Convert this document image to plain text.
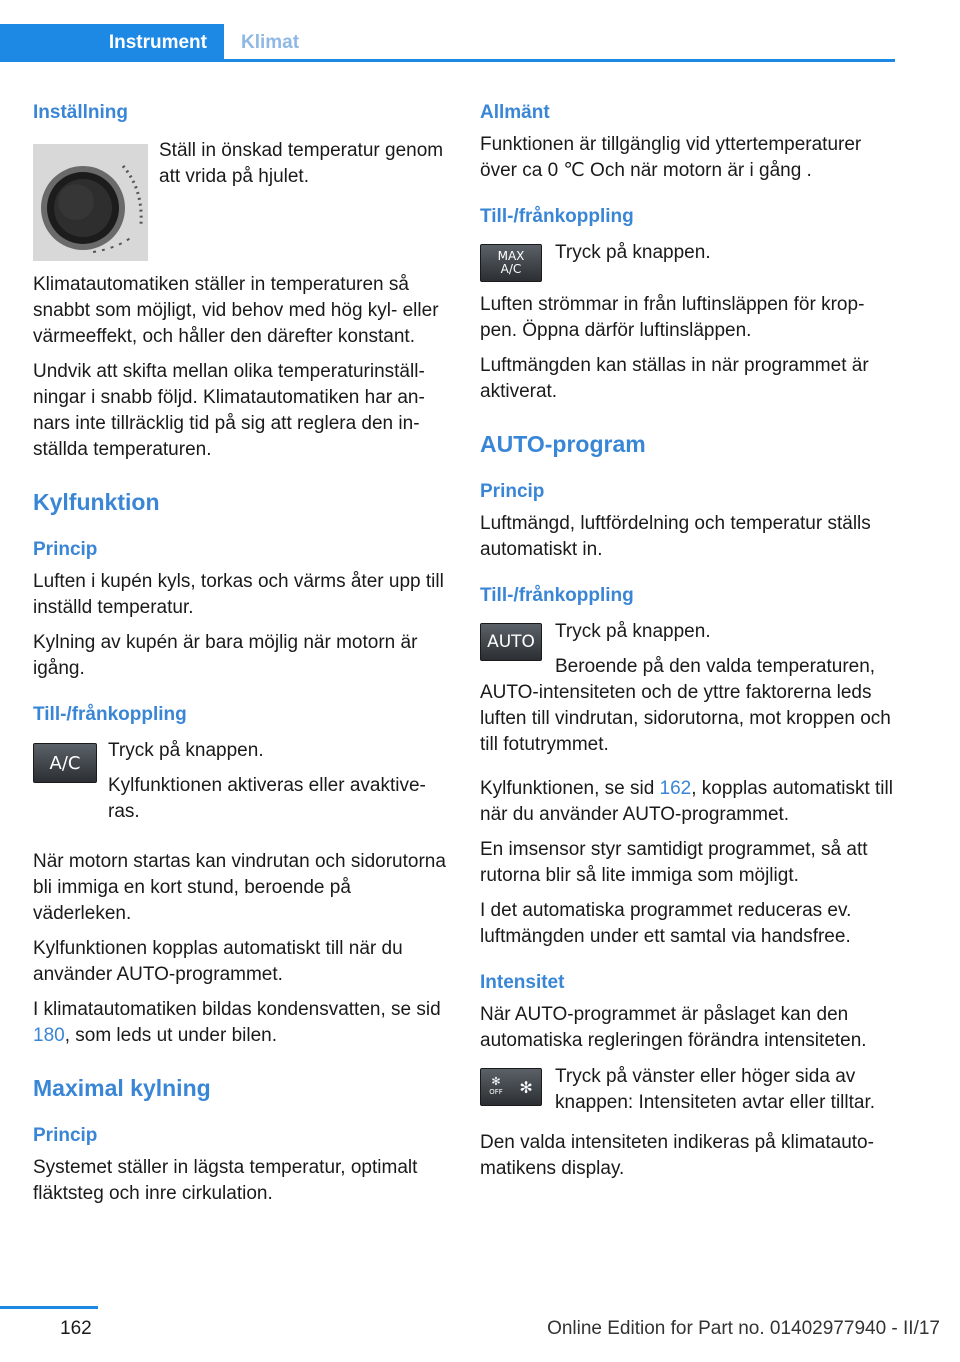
Instrument	Klimat
Inställning

Ställ in önskad temperatur genom att vrida på hjulet.

Klimatautomatiken ställer in temperaturen så snabbt som möjligt, vid behov med hög kyl- eller värmeeffekt, och håller den därefter konstant.

Undvik att skifta mellan olika temperaturinställningar i snabb följd. Klimatautomatiken har annars inte tillräcklig tid på sig att reglera den inställda temperaturen.

Kylfunktion
Princip

Luften i kupén kyls, torkas och värms åter upp till inställd temperatur.

Kylning av kupén är bara möjlig när motorn är igång.

Till-/frånkoppling
A/C

Tryck på knappen.

Kylfunktionen aktiveras eller avaktiveras.

När motorn startas kan vindrutan och sidorutorna bli immiga en kort stund, beroende på väderleken.

Kylfunktionen kopplas automatiskt till när du använder AUTO-programmet.

I klimatautomatiken bildas kondensvatten, se sid 180, som leds ut under bilen.

Maximal kylning
Princip

Systemet ställer in lägsta temperatur, optimalt fläktsteg och inre cirkulation.

Allmänt

Funktionen är tillgänglig vid yttertemperaturer över ca 0 ℃ Och när motorn är i gång .

Till-/frånkoppling
MAX
A/C

Tryck på knappen.

Luften strömmar in från luftinsläppen för kroppen. Öppna därför luftinsläppen.

Luftmängden kan ställas in när programmet är aktiverat.

AUTO-program
Princip

Luftmängd, luftfördelning och temperatur ställs automatiskt in.

Till-/frånkoppling
AUTO Tryck på knappen.

Beroende på den valda temperaturen,

AUTO-intensiteten och de yttre faktorerna leds luften till vindrutan, sidorutorna, mot kroppen och till fotutrymmet.

Kylfunktionen, se sid 162, kopplas automatiskt till när du använder AUTO-programmet.

En imsensor styr samtidigt programmet, så att rutorna blir så lite immiga som möjligt.

I det automatiska programmet reduceras ev. luftmängden under ett samtal via handsfree.

Intensitet

När AUTO-programmet är påslaget kan den automatiska regleringen förändra intensiteten.

✻
OFF ✻ Tryck på vänster eller höger sida av knappen: Intensiteten avtar eller tilltar.

Den valda intensiteten indikeras på klimatautomatikens display.

162	Online Edition for Part no. 01402977940 - II/17
